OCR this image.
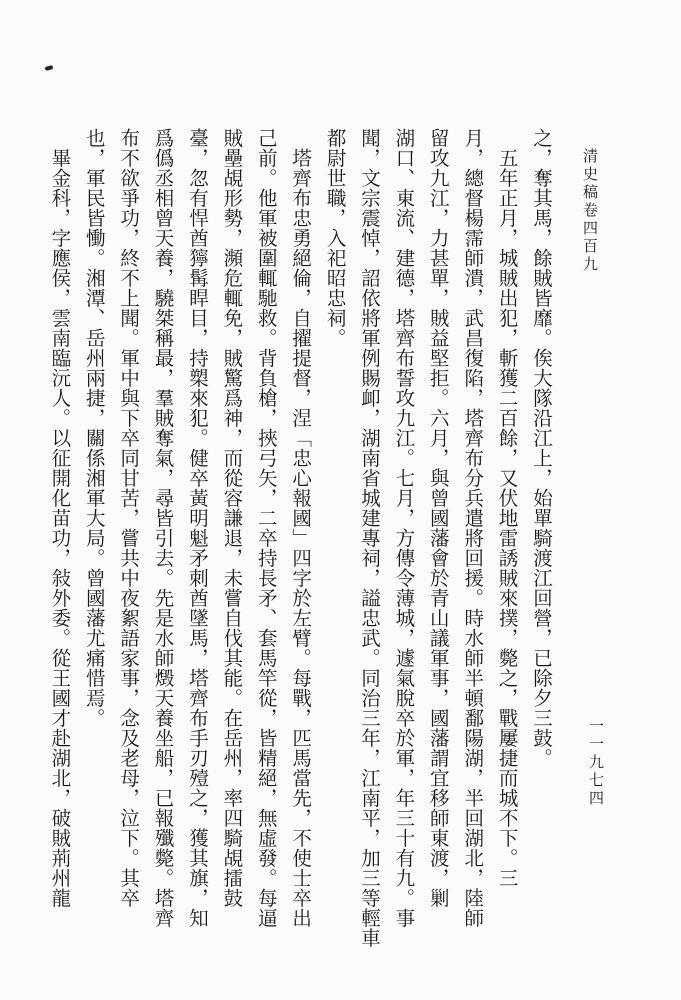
清史稿卷四百九
一一九七四
之，奪其馬，餘賊皆靡。俟大隊沿江上，始單騎渡江回營，已除夕三鼓。
　五年正月，城賊出犯，斬獲二百餘，又伏地雷誘賊來撲，斃之，戰屢捷而城不下。三
月，總督楊霈師潰，武昌復陷，塔齊布分兵遣將回援。時水師半頓鄱陽湖，半回湖北，陸師
留攻九江，力甚單，賊益堅拒。六月，與曾國藩會於青山議軍事，國藩謂宜移師東渡，剿
湖口、東流、建德，塔齊布誓攻九江。七月，方傳令薄城，遽氣脫卒於軍，年三十有九。事
聞，文宗震悼，詔依將軍例賜卹，湖南省城建專祠，謚忠武。同治三年，江南平，加三等輕車
都尉世職，入祀昭忠祠。
　塔齊布忠勇絕倫，自擢提督，涅「忠心報國」四字於左臂。每戰，匹馬當先，不使士卒出
己前。他軍被圍輒馳救。背負槍，挾弓矢，二卒持長矛、套馬竿從，皆精絕，無虛發。每逼
賊壘覘形勢，瀕危輒免，賊驚爲神，而從容謙退，未嘗自伐其能。在岳州，率四騎覘擂鼓
臺，忽有悍酋獰髯睅目，持槊來犯。健卒黃明魁矛刺酋墜馬，塔齊布手刃殪之，獲其旗，知
爲僞丞相曾天養，驍桀稱最，羣賊奪氣，尋皆引去。先是水師燬天養坐船，已報殲斃。塔齊
布不欲爭功，終不上聞。軍中與下卒同甘苦，嘗共中夜絮語家事，念及老母，泣下。其卒
也，軍民皆慟。湘潭、岳州兩捷，關係湘軍大局。曾國藩尤痛惜焉。
　畢金科，字應侯，雲南臨沅人。以征開化苗功，敍外委。從王國才赴湖北，破賊荊州龍
